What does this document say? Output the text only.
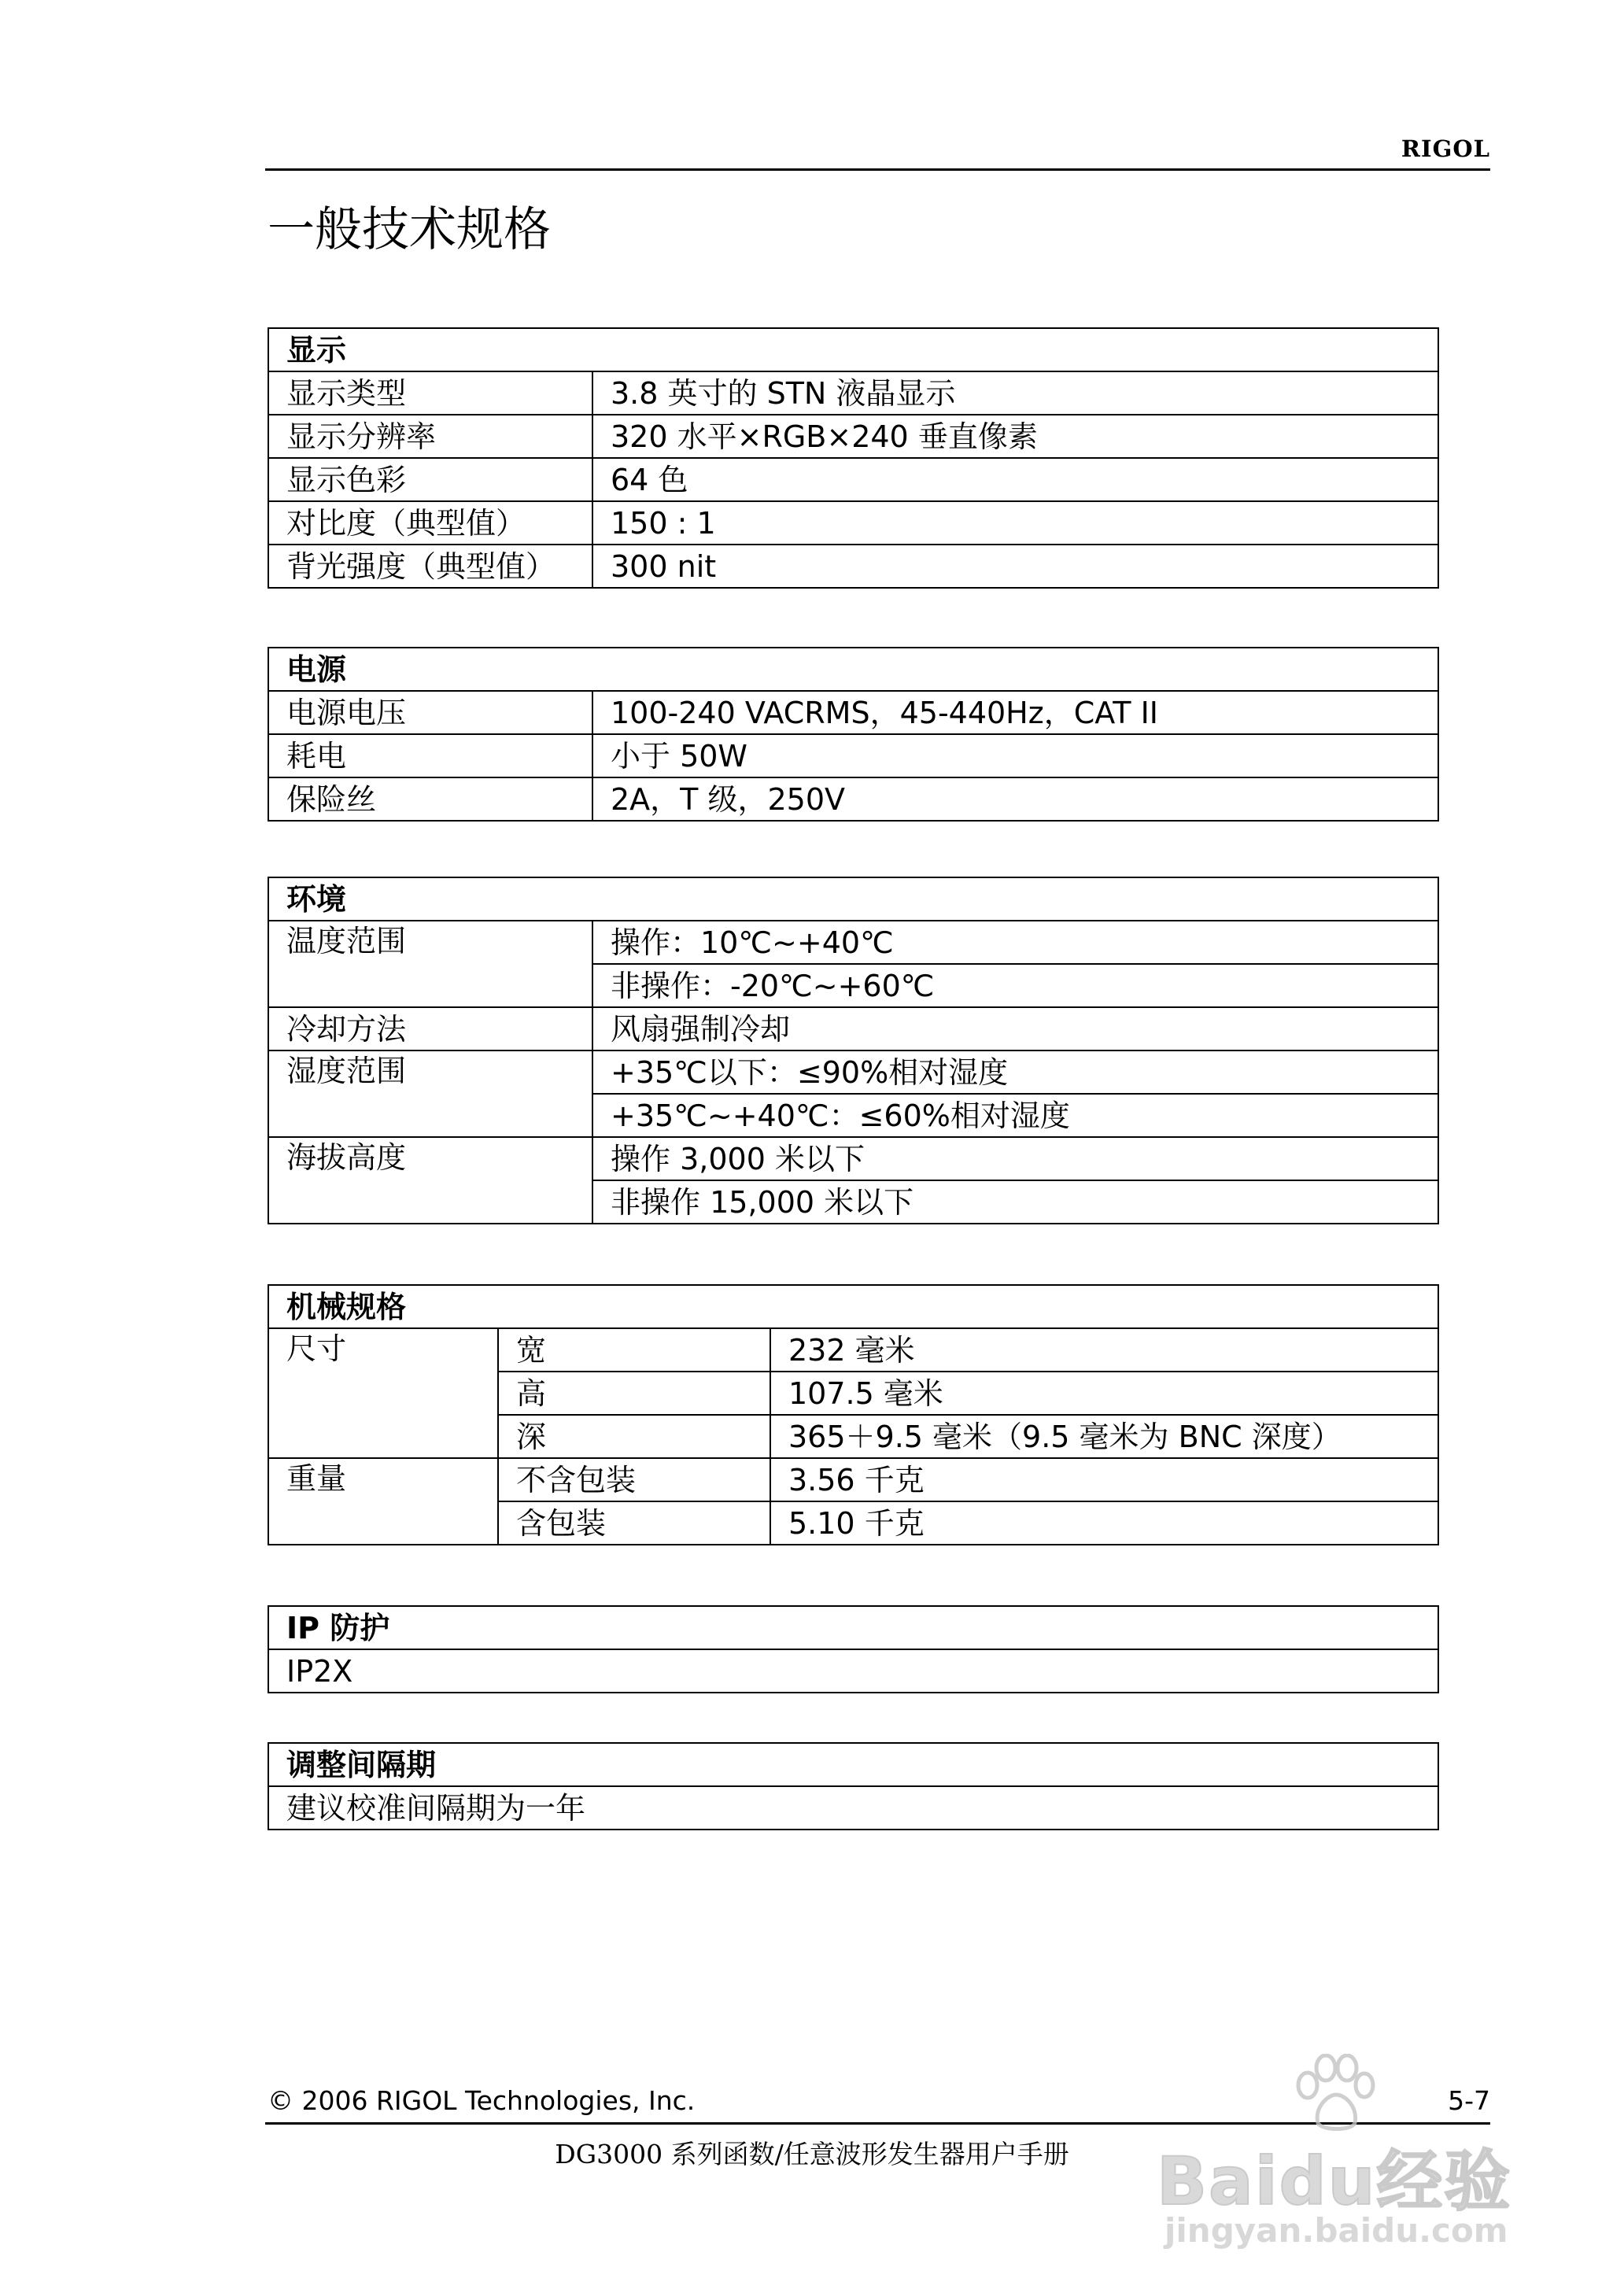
RIGOL
一般技术规格
显示	
显示类型	3.8 英寸的 STN 液晶显示
显示分辨率	320 水平×RGB×240 垂直像素
显示色彩	64 色
对比度（典型值）	150 : 1
背光强度（典型值）	300 nit
电源	
电源电压	100-240 VACRMS，45-440Hz，CAT II
耗电	小于 50W
保险丝	2A，T 级，250V
环境	
温度范围	操作：10℃~+40℃
	非操作：-20℃~+60℃
冷却方法	风扇强制冷却
湿度范围	+35℃以下：≤90%相对湿度
	+35℃~+40℃：≤60%相对湿度
海拔高度	操作 3,000 米以下
	非操作 15,000 米以下
机械规格		
尺寸	宽	232 毫米
	高	107.5 毫米
	深	365＋9.5 毫米（9.5 毫米为 BNC 深度）
重量	不含包装	3.56 千克
	含包装	5.10 千克
IP 防护
IP2X
调整间隔期
建议校准间隔期为一年
© 2006 RIGOL Technologies, Inc.	5-7
DG3000 系列函数/任意波形发生器用户手册	Baidu经验
jingyan.baidu.com
